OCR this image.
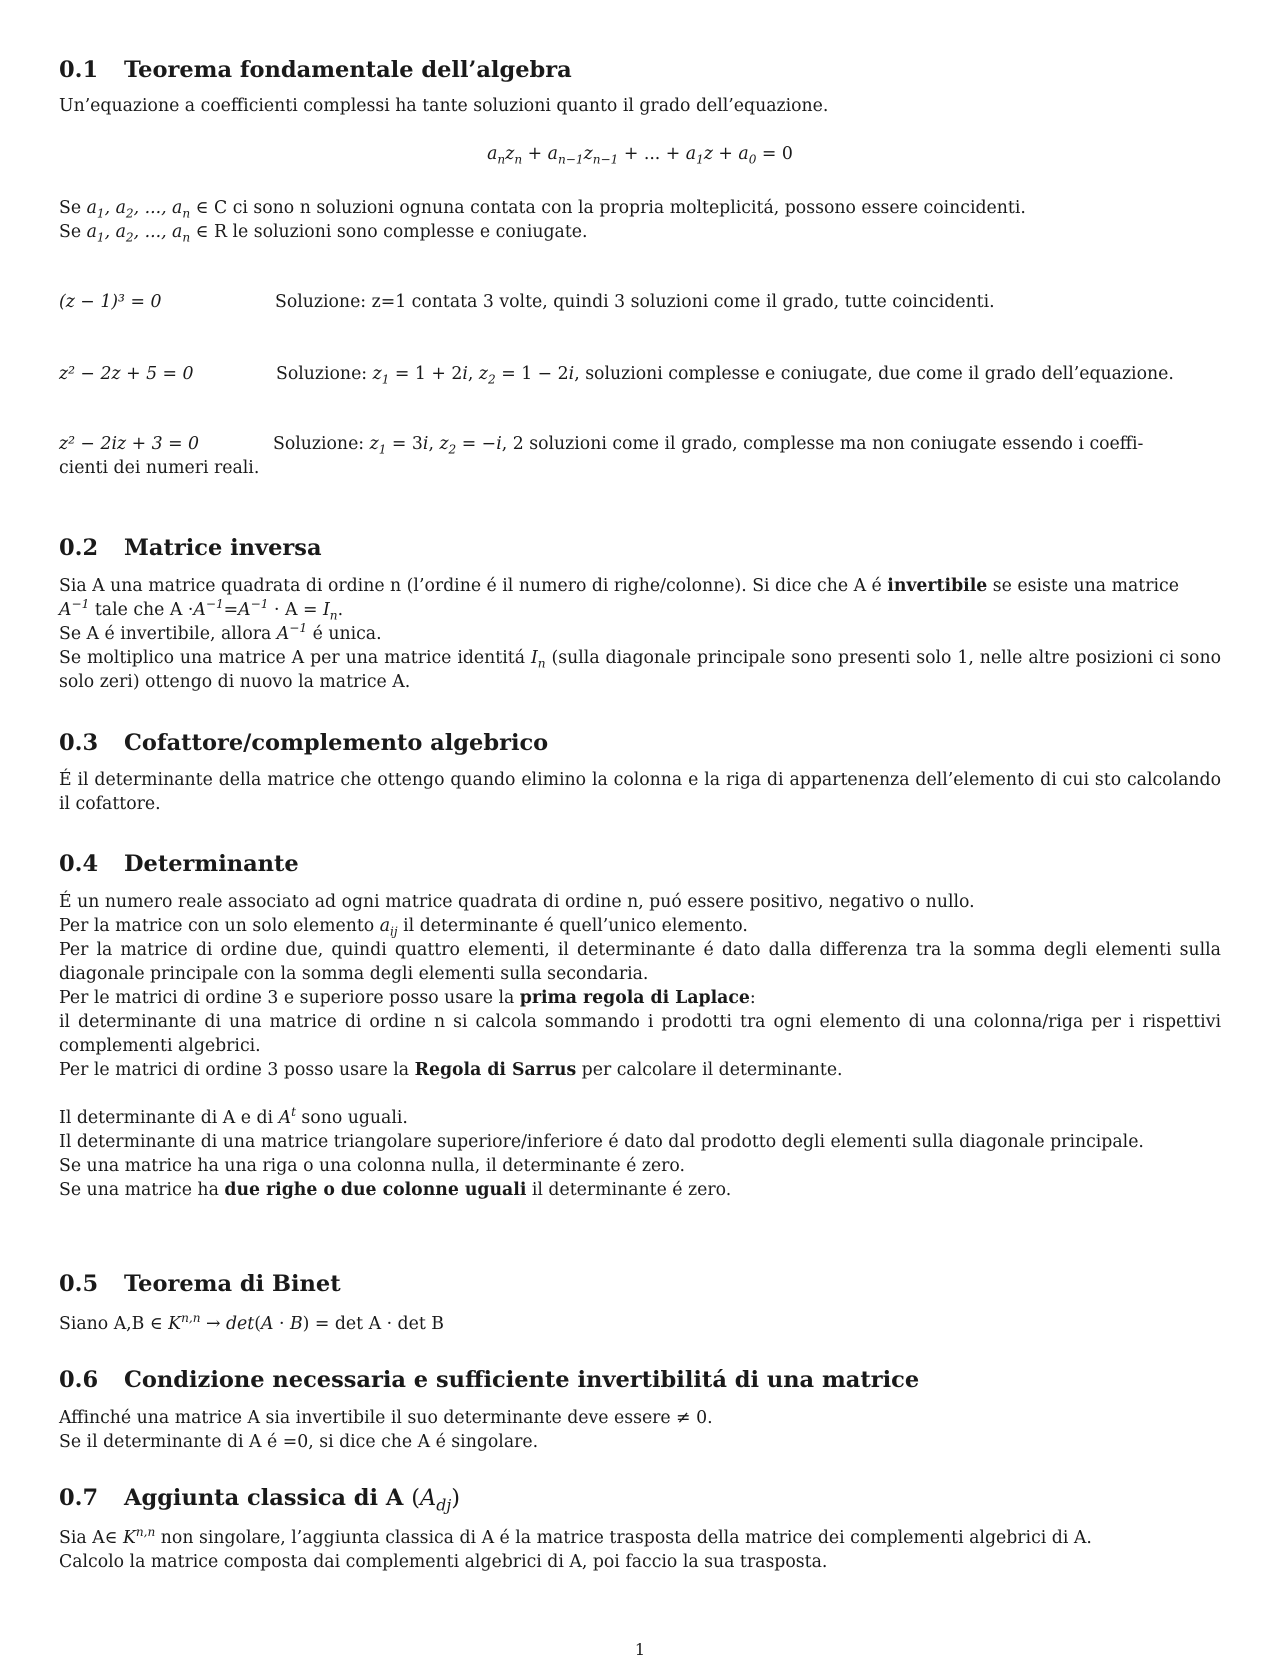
0.1 Teorema fondamentale dell’algebra
Un’equazione a coefficienti complessi ha tante soluzioni quanto il grado dell’equazione.
$a_nz_n + a_{n-1}z_{n-1}$ + ... + $a_1z + a_0 = 0$
Se $a_1$, $a_2$, ..., $a_n$ ∈ C ci sono n soluzioni ognuna contata con la propria molteplicitá, possono essere coincidenti.
Se $a_1$, $a_2$, ..., $a_n$ ∈ R le soluzioni sono complesse e coniugate.
(z − 1)³ = 0	Soluzione: z=1 contata 3 volte, quindi 3 soluzioni come il grado, tutte coincidenti.
z² − 2z + 5 = 0	Soluzione: $z_1 = 1 + 2i$, $z_2 = 1 - 2i$, soluzioni complesse e coniugate, due come il grado dell’equazione.
z² − 2iz + 3 = 0	Soluzione: $z_1 = 3i$, $z_2 = -i$, 2 soluzioni come il grado, complesse ma non coniugate essendo i coeffi-
cienti dei numeri reali.
0.2 Matrice inversa
Sia A una matrice quadrata di ordine n (l’ordine é il numero di righe/colonne). Si dice che A é invertibile se esiste una matrice
$A^{-1}$ tale che $A \cdot A^{-1}=A^{-1} \cdot A = I_n$.
Se A é invertibile, allora $A^{-1}$ é unica.
Se moltiplico una matrice A per una matrice identitá $I_n$ (sulla diagonale principale sono presenti solo 1, nelle altre posizioni ci sono solo zeri) ottengo di nuovo la matrice A.
0.3 Cofattore/complemento algebrico
É il determinante della matrice che ottengo quando elimino la colonna e la riga di appartenenza dell’elemento di cui sto calcolando il cofattore.
0.4 Determinante
É un numero reale associato ad ogni matrice quadrata di ordine n, puó essere positivo, negativo o nullo.
Per la matrice con un solo elemento $a_{ij}$ il determinante é quell’unico elemento.
Per la matrice di ordine due, quindi quattro elementi, il determinante é dato dalla differenza tra la somma degli elementi sulla diagonale principale con la somma degli elementi sulla secondaria.
Per le matrici di ordine 3 e superiore posso usare la prima regola di Laplace:
il determinante di una matrice di ordine n si calcola sommando i prodotti tra ogni elemento di una colonna/riga per i rispettivi complementi algebrici.
Per le matrici di ordine 3 posso usare la Regola di Sarrus per calcolare il determinante.
Il determinante di A e di $A^t$ sono uguali.
Il determinante di una matrice triangolare superiore/inferiore é dato dal prodotto degli elementi sulla diagonale principale.
Se una matrice ha una riga o una colonna nulla, il determinante é zero.
Se una matrice ha due righe o due colonne uguali il determinante é zero.
0.5 Teorema di Binet
Siano A,B ∈ K$^{n,n}$ → det(A · B) = det A · det B
0.6 Condizione necessaria e sufficiente invertibilitá di una matrice
Affinché una matrice A sia invertibile il suo determinante deve essere ≠ 0.
Se il determinante di A é =0, si dice che A é singolare.
0.7 Aggiunta classica di A $(A_{dj})$
Sia A∈ K$^{n,n}$ non singolare, l’aggiunta classica di A é la matrice trasposta della matrice dei complementi algebrici di A.
Calcolo la matrice composta dai complementi algebrici di A, poi faccio la sua trasposta.
1
